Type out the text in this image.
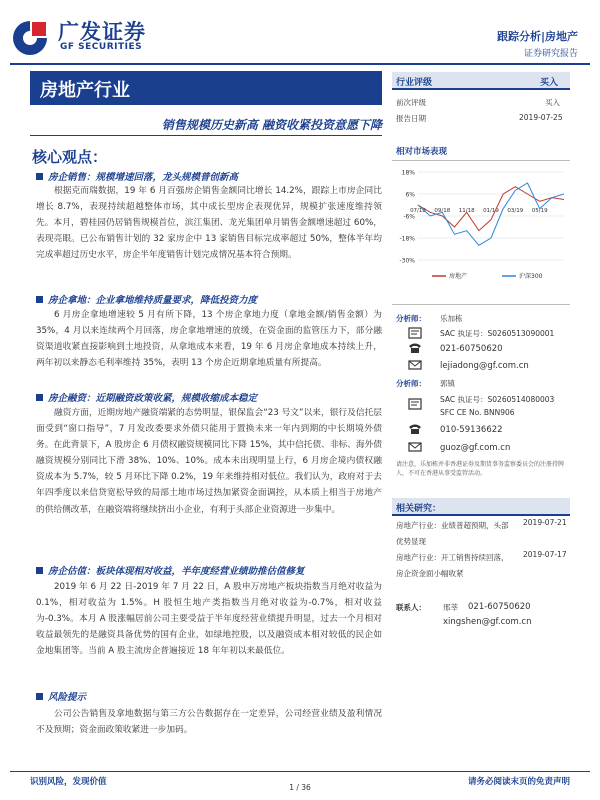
广发证券
GF SECURITIES
跟踪分析|房地产
证券研究报告
房地产行业
销售规模历史新高 融资收紧投资意愿下降
核心观点：
房企销售：规模增速回落，龙头规模普创新高
根据克而瑞数据，19 年 6 月百强房企销售金额同比增长 14.2%，跟踪上市房企同比增长 8.7%，表现持续超越整体市场，其中成长型房企表现优异，规模扩张速度维持领先。本月，碧桂园仍居销售规模首位，滨江集团、龙光集团单月销售金额增速超过 60%，表现亮眼。已公布销售计划的 32 家房企中 13 家销售目标完成率超过 50%，整体半年均完成率超过历史水平，房企半年度销售计划完成情况基本符合预期。
房企拿地：企业拿地维持质量要求，降低投资力度
6 月房企拿地增速较 5 月有所下降，13 个房企拿地力度（拿地金额/销售金额）为 35%，4 月以来连续两个月回落，房企拿地增速的放缓，在资金面的监管压力下，部分融资渠道收紧直接影响到土地投资，从拿地成本来看，19 年 6 月房企拿地成本持续上升，两年初以来静态毛利率维持 35%，表明 13 个房企近期拿地质量有所提高。
房企融资：近期融资政策收紧，规模收缩成本稳定
融资方面，近期房地产融资端紧的态势明显，银保监会“23 号文”以来，银行及信托层面受到“窗口指导”，7 月发改委要求外债只能用于置换未来一年内到期的中长期境外债务。在此背景下，A 股房企 6 月债权融资规模同比下降 15%，其中信托债、非标、海外债融资规模分别同比下滑 38%、10%、10%。成本未出现明显上行，6 月房企境内债权融资成本为 5.7%，较 5 月环比下降 0.2%，19 年来维持相对低位。我们认为，政府对于去年四季度以来信贷宽松导致的局部土地市场过热加紧资金面调控，从本质上相当于房地产的供给侧改革，在融资端将继续挤出小企业，有利于头部企业资源进一步集中。
房企估值：板块体现相对收益，半年度经营业绩助推估值修复
2019 年 6 月 22 日-2019 年 7 月 22 日，A 股申万房地产板块指数当月绝对收益为 0.1%，相对收益为 1.5%。H 股恒生地产类指数当月绝对收益为-0.7%，相对收益为-0.3%。本月 A 股涨幅居前公司主要受益于半年度经营业绩提升明显，过去一个月相对收益最领先的是融资具备优势的国有企业，如绿地控股，以及融资成本相对较低的民企如金地集团等。当前 A 股主流房企普遍接近 18 年年初以来最低位。
风险提示
公司公告销售及拿地数据与第三方公告数据存在一定差异，公司经营业绩及盈利情况不及预期；资金面政策收紧进一步加码。
行业评级	买入
前次评级	买入
报告日期	2019-07-25
相对市场表现
18%
6%
-6%
-18%
-30%
07/18 09/18 11/18 01/19 03/19 05/19
房地产	沪深300
分析师： 乐加栋
SAC 执证号：S0260513090001
021-60750620
lejiadong@gf.com.cn
分析师： 郭镇
SAC 执证号：S0260514080003
SFC CE No. BNN906
010-59136622
guoz@gf.com.cn
请注意，乐加栋并非香港证券及期货事务监察委员会的注册持牌人，不可在香港从事受监管活动。
相关研究：
房地产行业：业绩普超预期，头部优势显现
2019-07-21
房地产行业：开工销售持续回落，房企资金面小幅收紧
2019-07-17
联系人： 邢莘 021-60750620
xingshen@gf.com.cn
识别风险，发现价值	请务必阅读末页的免责声明
1 / 36
